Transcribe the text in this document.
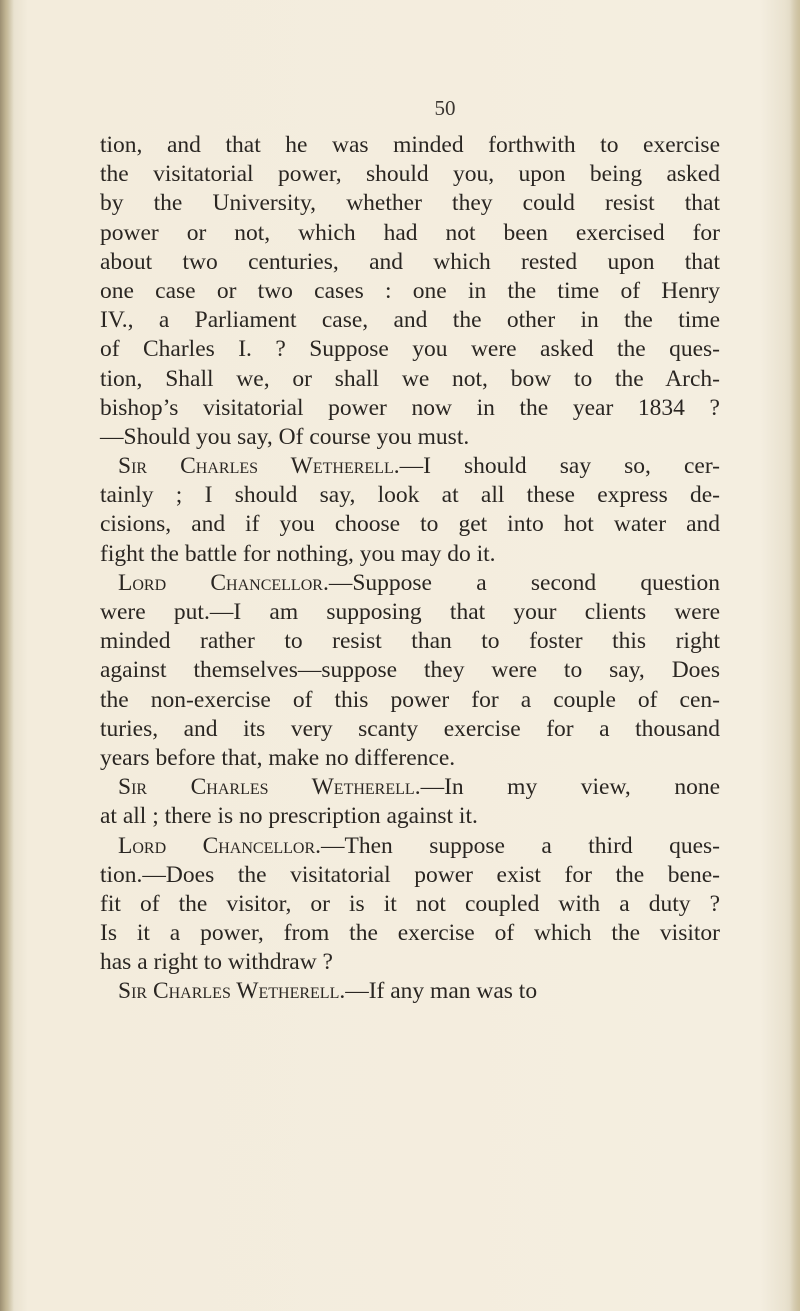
50
tion, and that he was minded forthwith to exercise
the visitatorial power, should you, upon being asked
by the University, whether they could resist that
power or not, which had not been exercised for
about two centuries, and which rested upon that
one case or two cases : one in the time of Henry
IV., a Parliament case, and the other in the time
of Charles I. ? Suppose you were asked the ques-
tion, Shall we, or shall we not, bow to the Arch-
bishop’s visitatorial power now in the year 1834 ?
—Should you say, Of course you must.
Sir Charles Wetherell.—I should say so, cer-
tainly ; I should say, look at all these express de-
cisions, and if you choose to get into hot water and
fight the battle for nothing, you may do it.
Lord Chancellor.—Suppose a second question
were put.—I am supposing that your clients were
minded rather to resist than to foster this right
against themselves—suppose they were to say, Does
the non-exercise of this power for a couple of cen-
turies, and its very scanty exercise for a thousand
years before that, make no difference.
Sir Charles Wetherell.—In my view, none
at all ; there is no prescription against it.
Lord Chancellor.—Then suppose a third ques-
tion.—Does the visitatorial power exist for the bene-
fit of the visitor, or is it not coupled with a duty ?
Is it a power, from the exercise of which the visitor
has a right to withdraw ?
Sir Charles Wetherell.—If any man was to
